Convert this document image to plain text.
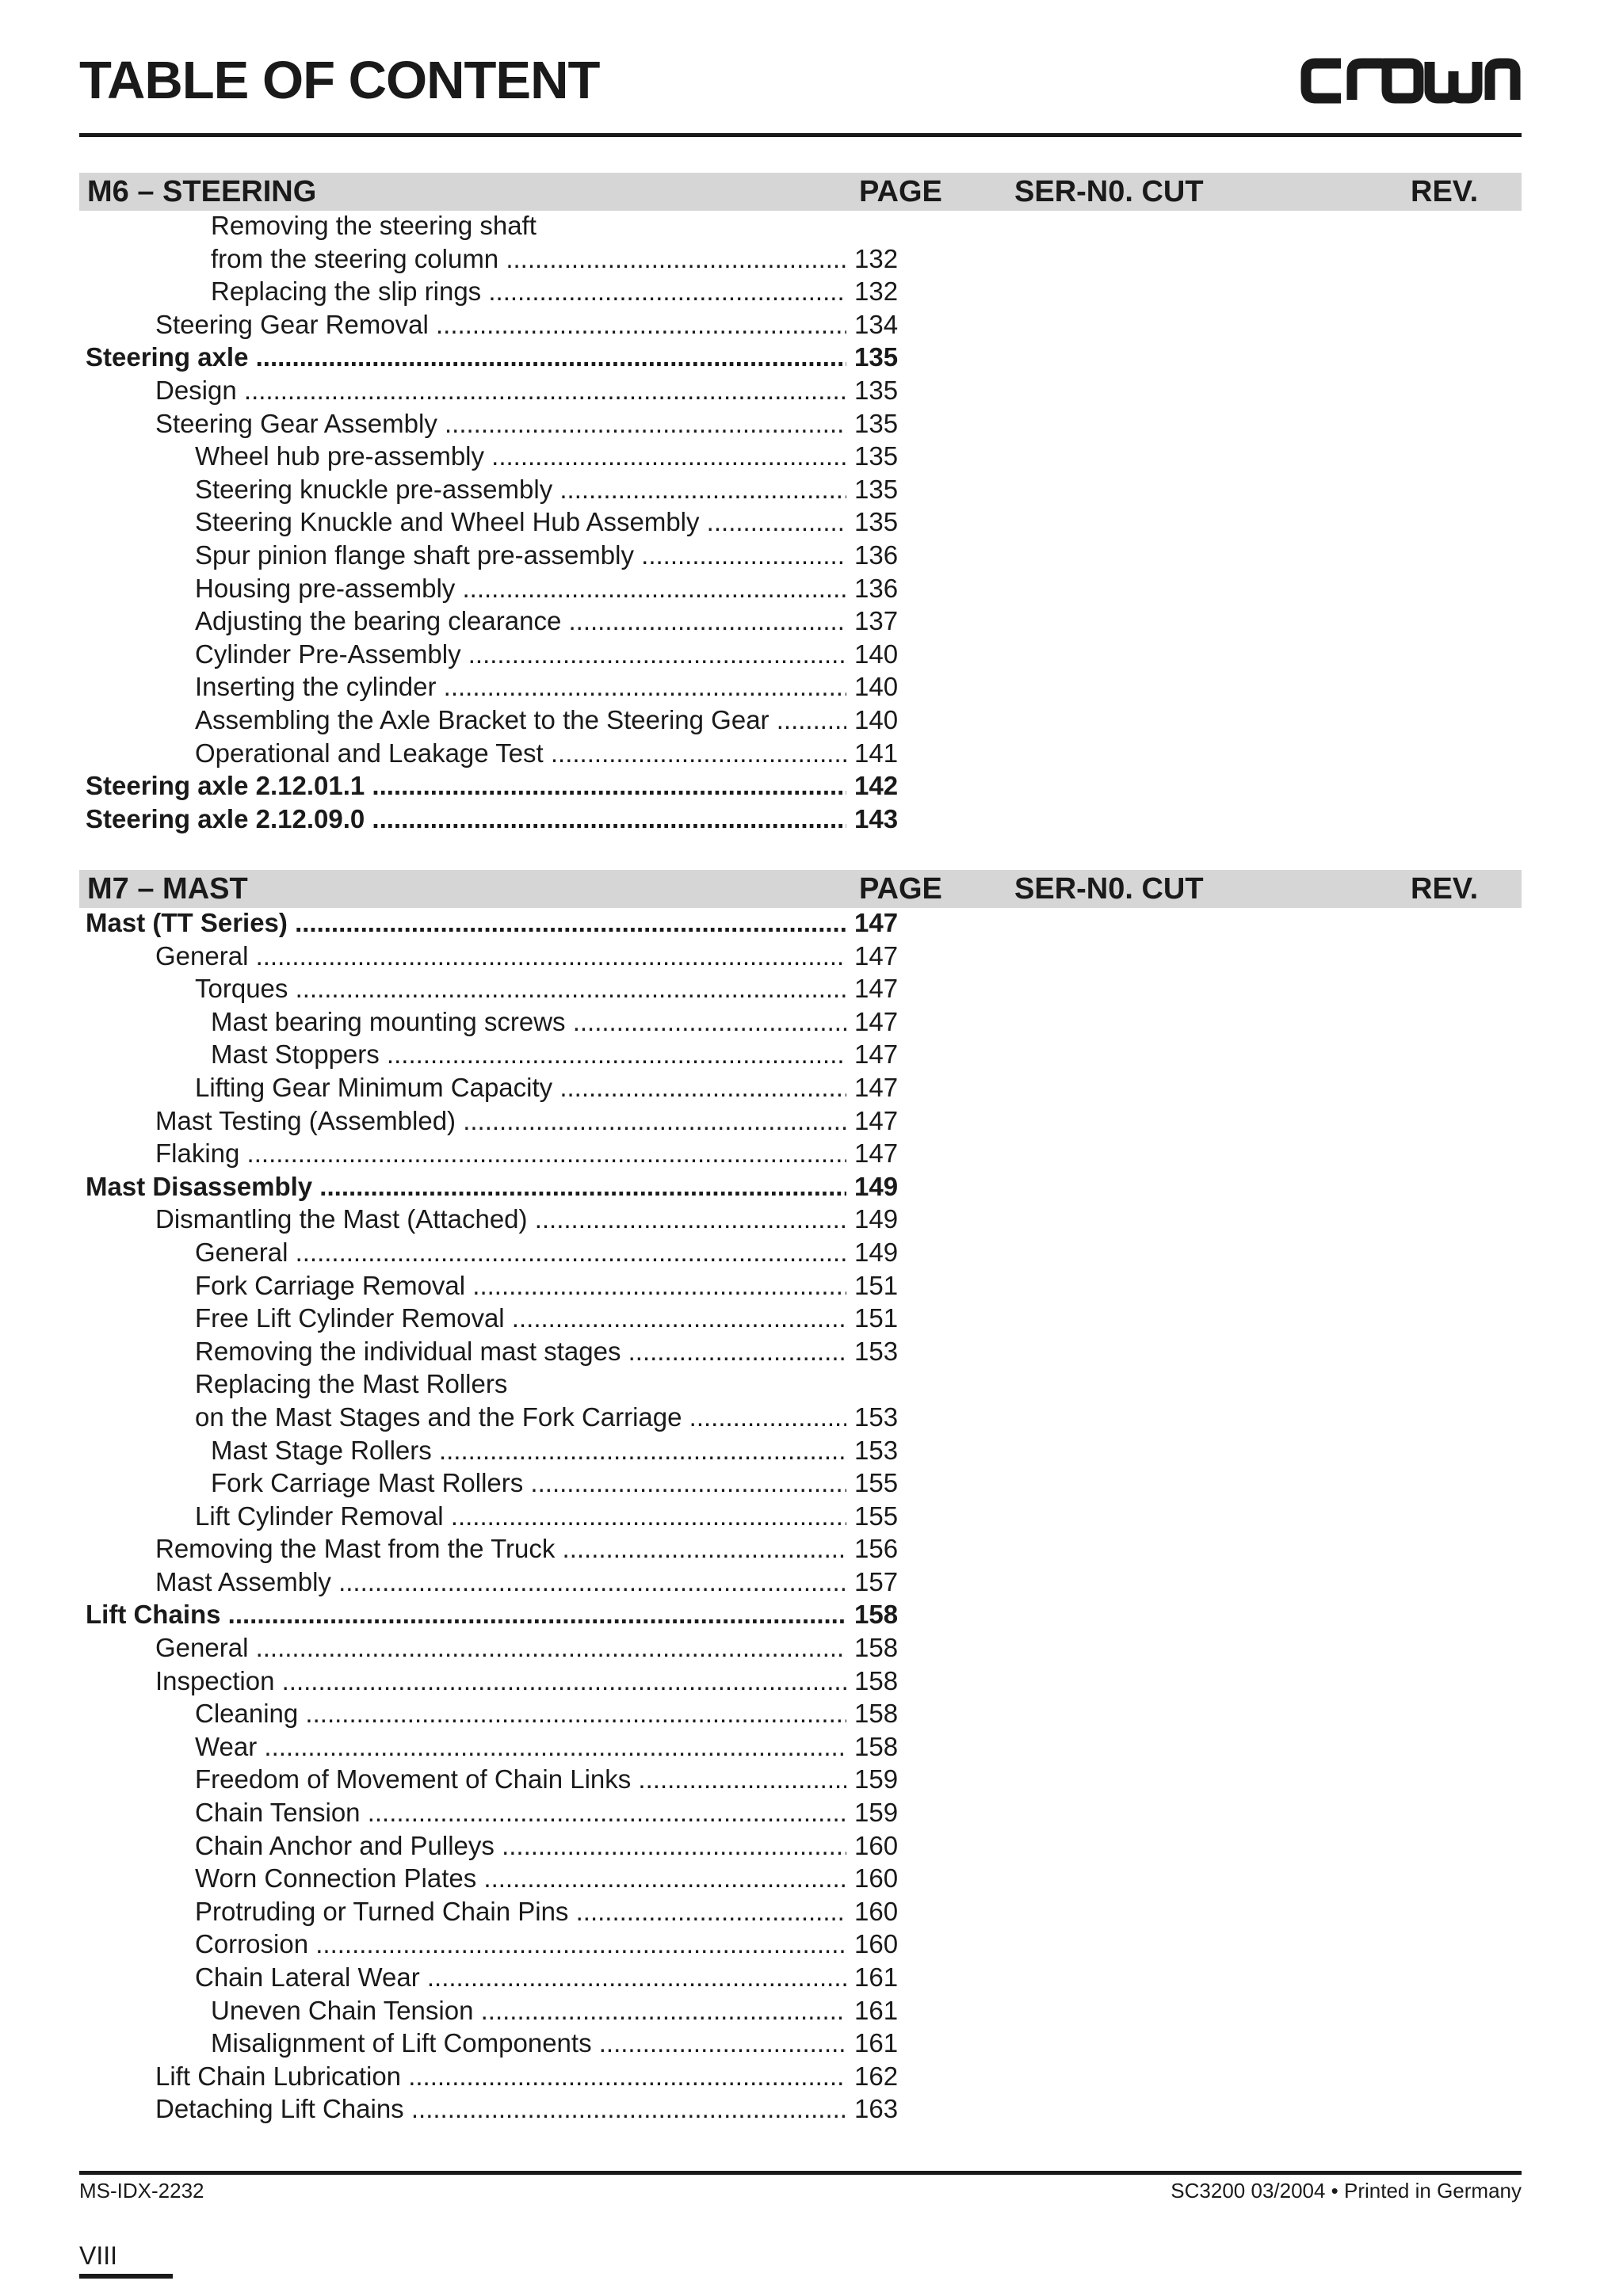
TABLE OF CONTENT
M6 – STEERING	PAGE SER-N0. CUT	REV.
Removing the steering shaft
from the steering column .....	132
Replacing the slip rings .....	132
Steering Gear Removal .....	134
Steering axle .....	135
Design .....	135
Steering Gear Assembly .....	135
Wheel hub pre-assembly .....	135
Steering knuckle pre-assembly .....	135
Steering Knuckle and Wheel Hub Assembly .....	135
Spur pinion flange shaft pre-assembly .....	136
Housing pre-assembly .....	136
Adjusting the bearing clearance .....	137
Cylinder Pre-Assembly .....	140
Inserting the cylinder .....	140
Assembling the Axle Bracket to the Steering Gear .....	140
Operational and Leakage Test .....	141
Steering axle 2.12.01.1 .....	142
Steering axle 2.12.09.0 .....	143
M7 – MAST	PAGE SER-N0. CUT	REV.
Mast (TT Series) .....	147
General .....	147
Torques .....	147
Mast bearing mounting screws .....	147
Mast Stoppers .....	147
Lifting Gear Minimum Capacity .....	147
Mast Testing (Assembled) .....	147
Flaking .....	147
Mast Disassembly .....	149
Dismantling the Mast (Attached) .....	149
General .....	149
Fork Carriage Removal .....	151
Free Lift Cylinder Removal .....	151
Removing the individual mast stages .....	153
Replacing the Mast Rollers
on the Mast Stages and the Fork Carriage .....	153
Mast Stage Rollers .....	153
Fork Carriage Mast Rollers .....	155
Lift Cylinder Removal .....	155
Removing the Mast from the Truck .....	156
Mast Assembly .....	157
Lift Chains .....	158
General .....	158
Inspection .....	158
Cleaning .....	158
Wear .....	158
Freedom of Movement of Chain Links .....	159
Chain Tension .....	159
Chain Anchor and Pulleys .....	160
Worn Connection Plates .....	160
Protruding or Turned Chain Pins .....	160
Corrosion .....	160
Chain Lateral Wear .....	161
Uneven Chain Tension .....	161
Misalignment of Lift Components .....	161
Lift Chain Lubrication .....	162
Detaching Lift Chains .....	163
MS-IDX-2232	SC3200 03/2004 • Printed in Germany
VIII
